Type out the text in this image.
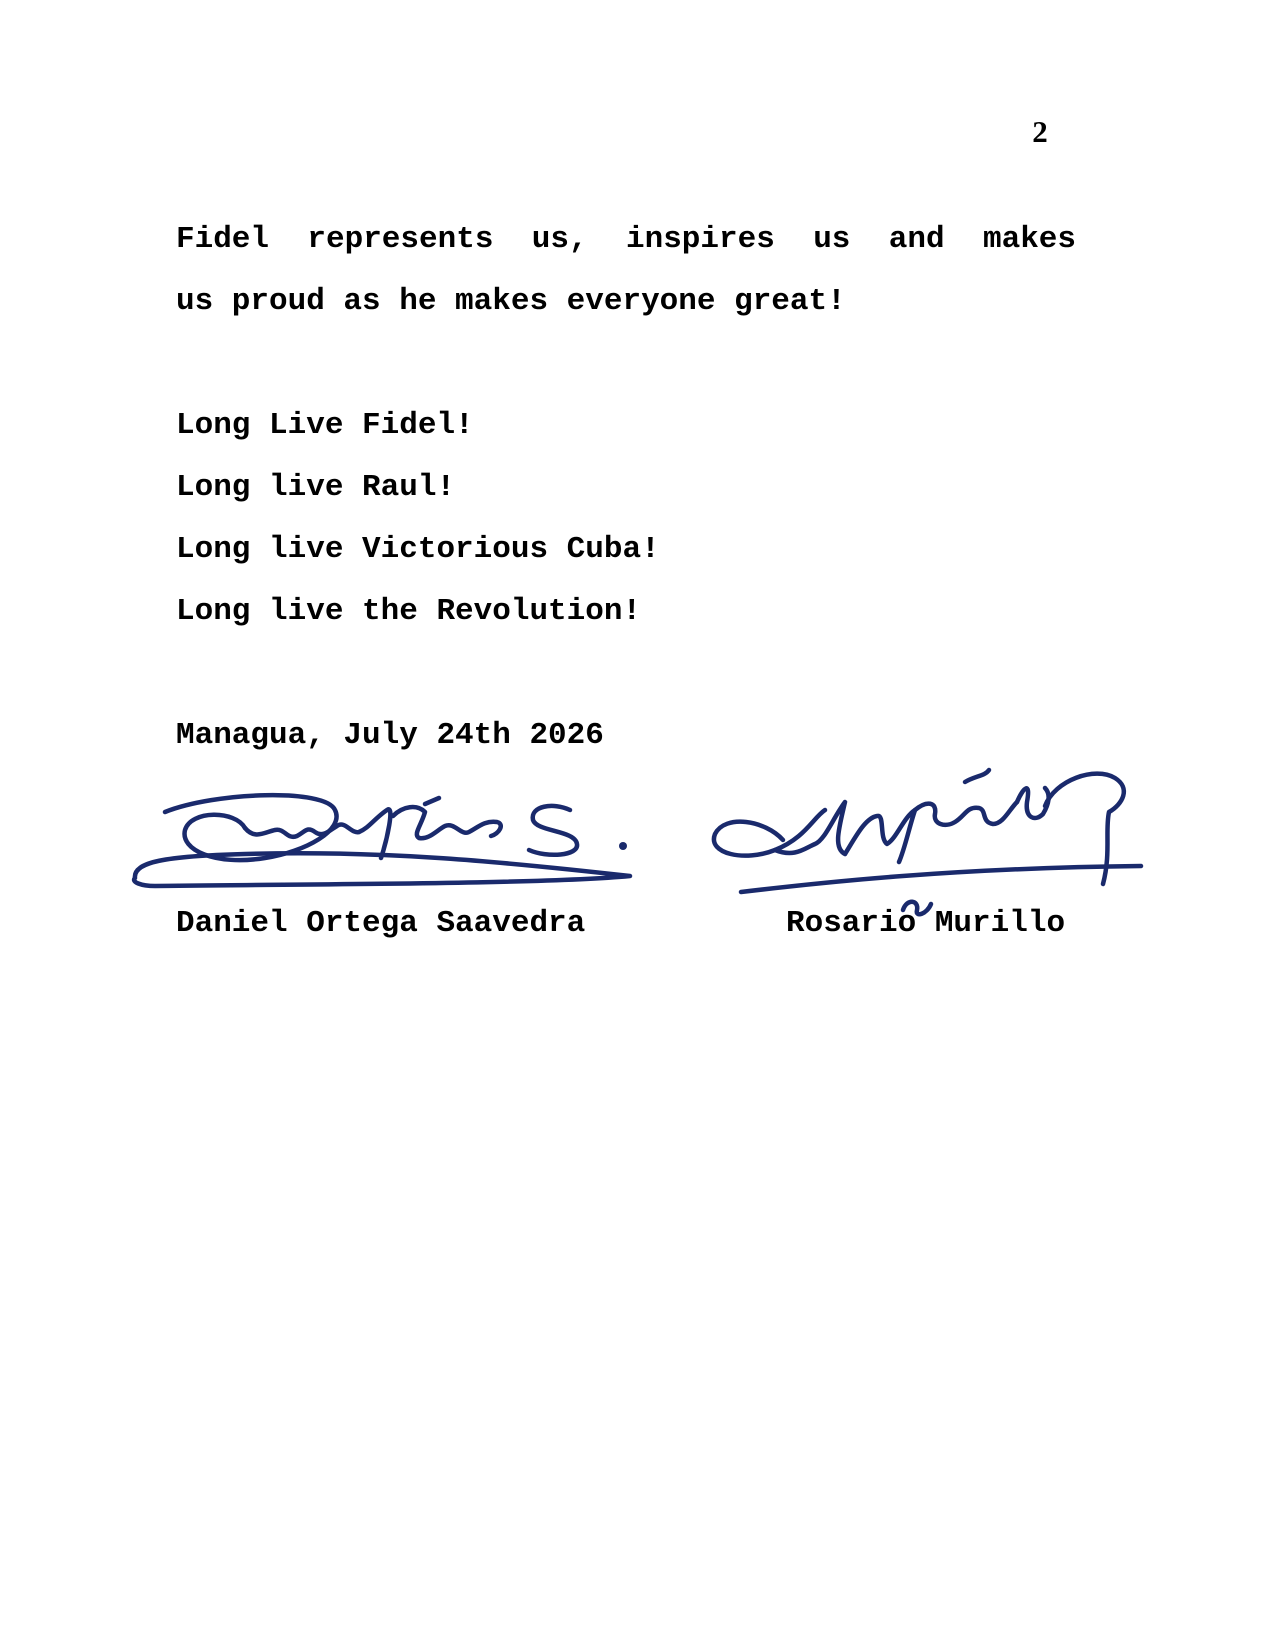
2
Fidel represents us, inspires us and makes
us proud as he makes everyone great!
Long Live Fidel!
Long live Raul!
Long live Victorious Cuba!
Long live the Revolution!
Managua, July 24th 2026
Daniel Ortega Saavedra	Rosario Murillo
